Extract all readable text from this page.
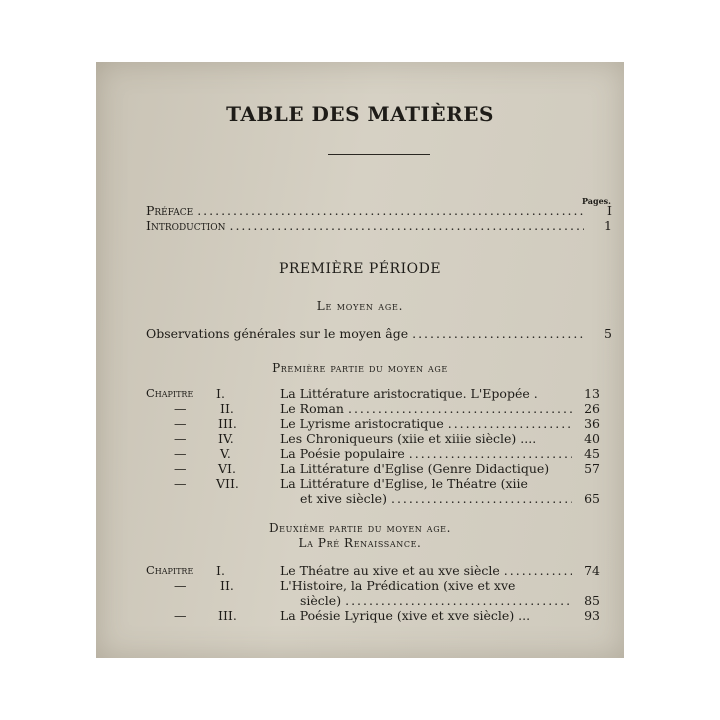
TABLE DES MATIÈRES
Pages.
Préface .....	I
Introduction .....	1
PREMIÈRE PÉRIODE
Le moyen age.
Observations générales sur le moyen âge .....	5
Première partie du moyen age
Chapitre I.	La Littérature aristocratique. L'Epopée .	13
—	II.	Le Roman .....	26
—	III.	Le Lyrisme aristocratique .....	36
—	IV.	Les Chroniqueurs (xiie et xiiie siècle) ....	40
—	V.	La Poésie populaire .....	45
—	VI.	La Littérature d'Eglise (Genre Didactique)	57
— VII.	La Littérature d'Eglise, le Théatre (xiie
et xive siècle) .....	65
Deuxième partie du moyen age.
La Pré Renaissance.
Chapitre I.	Le Théatre au xive et au xve siècle .....	74
—	II.	L'Histoire, la Prédication (xive et xve
siècle) .....	85
—	III.	La Poésie Lyrique (xive et xve siècle) ...	93
